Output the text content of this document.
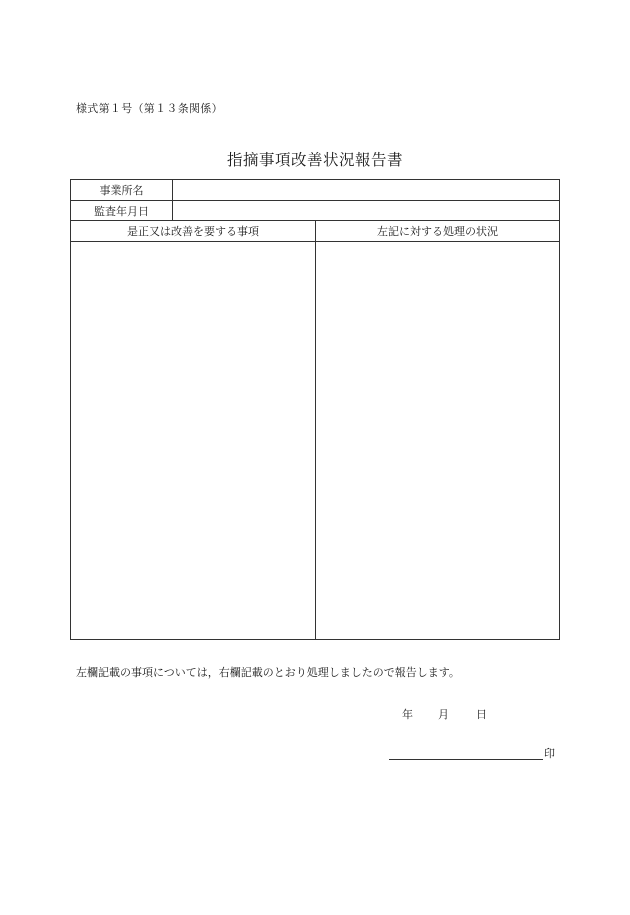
様式第１号（第１３条関係）
指摘事項改善状況報告書
事業所名
監査年月日
是正又は改善を要する事項	左記に対する処理の状況
左欄記載の事項については，右欄記載のとおり処理しましたので報告します。
年 月 日
印
